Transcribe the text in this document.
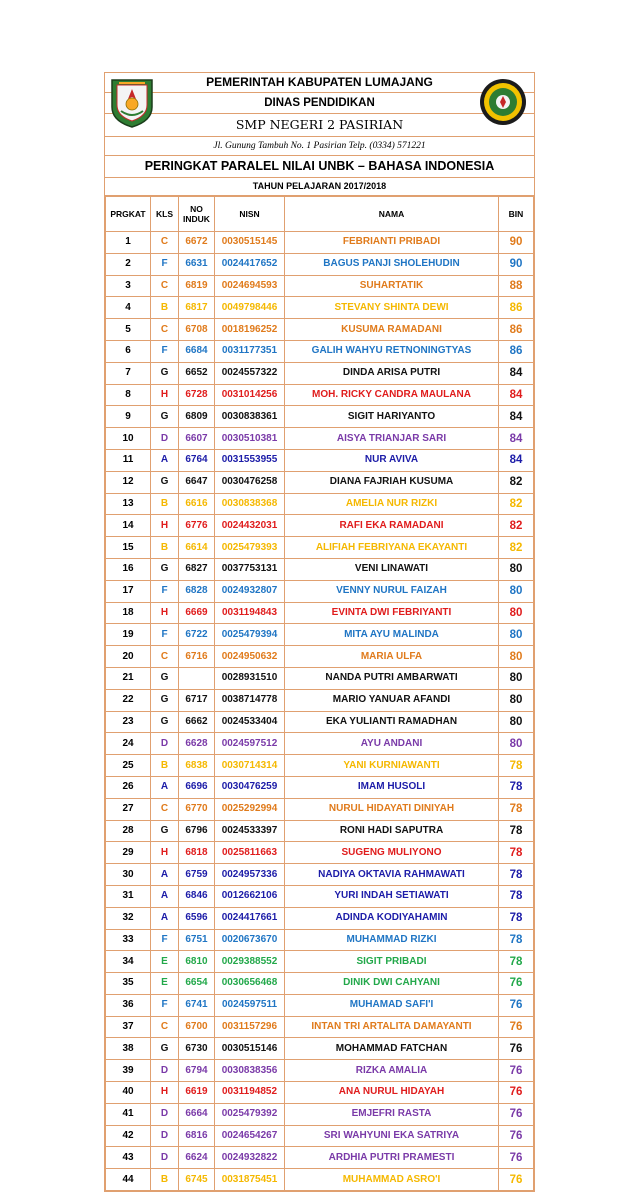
PEMERINTAH KABUPATEN LUMAJANG
DINAS PENDIDIKAN
SMP NEGERI 2 PASIRIAN
Jl. Gunung Tambuh No. 1 Pasirian Telp. (0334) 571221
PERINGKAT PARALEL NILAI UNBK – BAHASA INDONESIA
TAHUN PELAJARAN 2017/2018
PRGKAT	KLS	NO
INDUK	NISN	NAMA	BIN
1	C	6672	0030515145	FEBRIANTI PRIBADI	90
2	F	6631	0024417652	BAGUS PANJI SHOLEHUDIN	90
3	C	6819	0024694593	SUHARTATIK	88
4	B	6817	0049798446	STEVANY SHINTA DEWI	86
5	C	6708	0018196252	KUSUMA RAMADANI	86
6	F	6684	0031177351	GALIH WAHYU RETNONINGTYAS	86
7	G	6652	0024557322	DINDA ARISA PUTRI	84
8	H	6728	0031014256	MOH. RICKY CANDRA MAULANA	84
9	G	6809	0030838361	SIGIT HARIYANTO	84
10	D	6607	0030510381	AISYA TRIANJAR SARI	84
11	A	6764	0031553955	NUR AVIVA	84
12	G	6647	0030476258	DIANA FAJRIAH KUSUMA	82
13	B	6616	0030838368	AMELIA NUR RIZKI	82
14	H	6776	0024432031	RAFI EKA RAMADANI	82
15	B	6614	0025479393	ALIFIAH FEBRIYANA EKAYANTI	82
16	G	6827	0037753131	VENI LINAWATI	80
17	F	6828	0024932807	VENNY NURUL FAIZAH	80
18	H	6669	0031194843	EVINTA DWI FEBRIYANTI	80
19	F	6722	0025479394	MITA AYU MALINDA	80
20	C	6716	0024950632	MARIA ULFA	80
21	G		0028931510	NANDA PUTRI AMBARWATI	80
22	G	6717	0038714778	MARIO YANUAR AFANDI	80
23	G	6662	0024533404	EKA YULIANTI RAMADHAN	80
24	D	6628	0024597512	AYU ANDANI	80
25	B	6838	0030714314	YANI KURNIAWANTI	78
26	A	6696	0030476259	IMAM HUSOLI	78
27	C	6770	0025292994	NURUL HIDAYATI DINIYAH	78
28	G	6796	0024533397	RONI HADI SAPUTRA	78
29	H	6818	0025811663	SUGENG MULIYONO	78
30	A	6759	0024957336	NADIYA OKTAVIA RAHMAWATI	78
31	A	6846	0012662106	YURI INDAH SETIAWATI	78
32	A	6596	0024417661	ADINDA KODIYAHAMIN	78
33	F	6751	0020673670	MUHAMMAD RIZKI	78
34	E	6810	0029388552	SIGIT PRIBADI	78
35	E	6654	0030656468	DINIK DWI CAHYANI	76
36	F	6741	0024597511	MUHAMAD SAFI'I	76
37	C	6700	0031157296	INTAN TRI ARTALITA DAMAYANTI	76
38	G	6730	0030515146	MOHAMMAD FATCHAN	76
39	D	6794	0030838356	RIZKA AMALIA	76
40	H	6619	0031194852	ANA NURUL HIDAYAH	76
41	D	6664	0025479392	EMJEFRI RASTA	76
42	D	6816	0024654267	SRI WAHYUNI EKA SATRIYA	76
43	D	6624	0024932822	ARDHIA PUTRI PRAMESTI	76
44	B	6745	0031875451	MUHAMMAD ASRO'I	76
